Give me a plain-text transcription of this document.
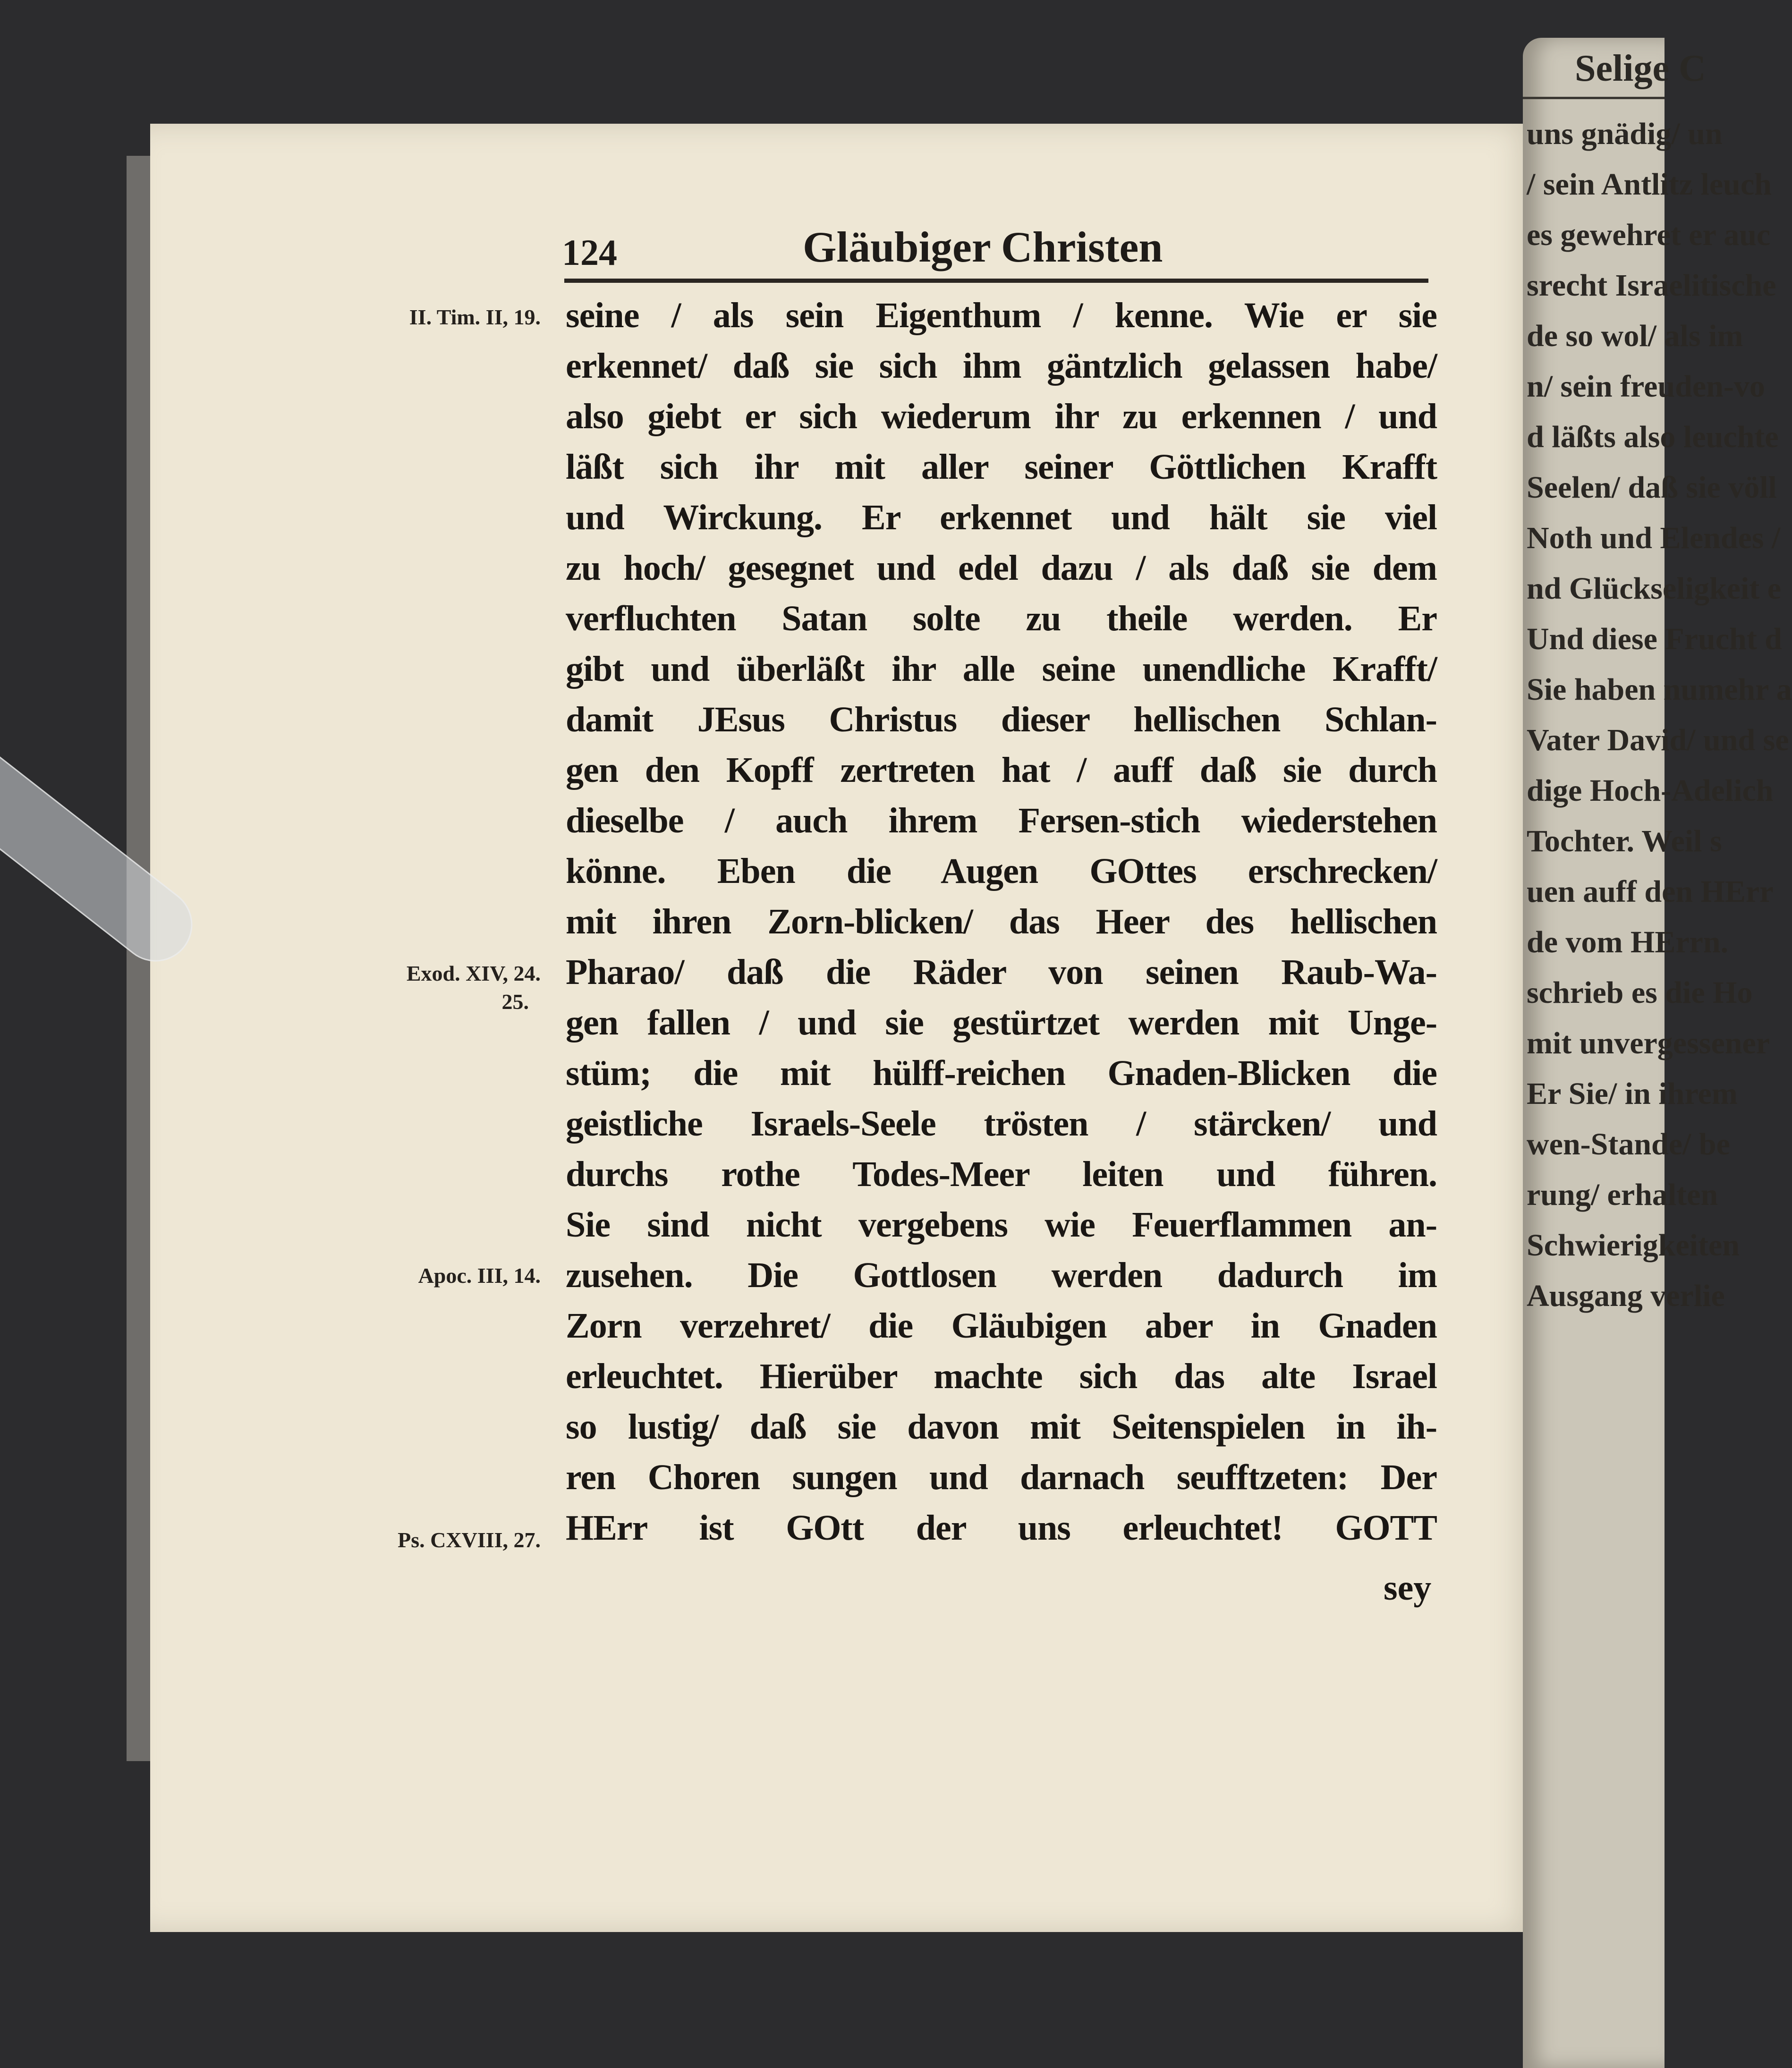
Selige C
uns gnädig/ un
/ sein Antlitz leuch
es gewehret er auc
srecht Israelitische
de so wol/ als im
n/ sein freuden-vo
d läßts also leuchte
Seelen/ daß sie völl
Noth und Elendes /
nd Glückseligkeit e
Und diese Frucht d
Sie haben numehr a
Vater David/ und se
dige Hoch-Adelich
Tochter. Weil s
uen auff den HErr
de vom HErrn.
schrieb es die Ho
mit unvergessener
Er Sie/ in ihrem
wen-Stande/ be
rung/ erhalten
Schwierigkeiten
Ausgang verlie
124	Gläubiger Christen
II. Tim. II, 19.
Exod. XIV, 24.
25.
Apoc. III, 14.
Ps. CXVIII, 27.
seine / als sein Eigenthum / kenne. Wie er sie
erkennet/ daß sie sich ihm gäntzlich gelassen habe/
also giebt er sich wiederum ihr zu erkennen / und
läßt sich ihr mit aller seiner Göttlichen Krafft
und Wirckung. Er erkennet und hält sie viel
zu hoch/ gesegnet und edel dazu / als daß sie dem
verfluchten Satan solte zu theile werden. Er
gibt und überläßt ihr alle seine unendliche Krafft/
damit JEsus Christus dieser hellischen Schlan-
gen den Kopff zertreten hat / auff daß sie durch
dieselbe / auch ihrem Fersen-stich wiederstehen
könne. Eben die Augen GOttes erschrecken/
mit ihren Zorn-blicken/ das Heer des hellischen
Pharao/ daß die Räder von seinen Raub-Wa-
gen fallen / und sie gestürtzet werden mit Unge-
stüm; die mit hülff-reichen Gnaden-Blicken die
geistliche Israels-Seele trösten / stärcken/ und
durchs rothe Todes-Meer leiten und führen.
Sie sind nicht vergebens wie Feuerflammen an-
zusehen. Die Gottlosen werden dadurch im
Zorn verzehret/ die Gläubigen aber in Gnaden
erleuchtet. Hierüber machte sich das alte Israel
so lustig/ daß sie davon mit Seitenspielen in ih-
ren Choren sungen und darnach seufftzeten: Der
HErr ist GOtt der uns erleuchtet! GOTT
sey
